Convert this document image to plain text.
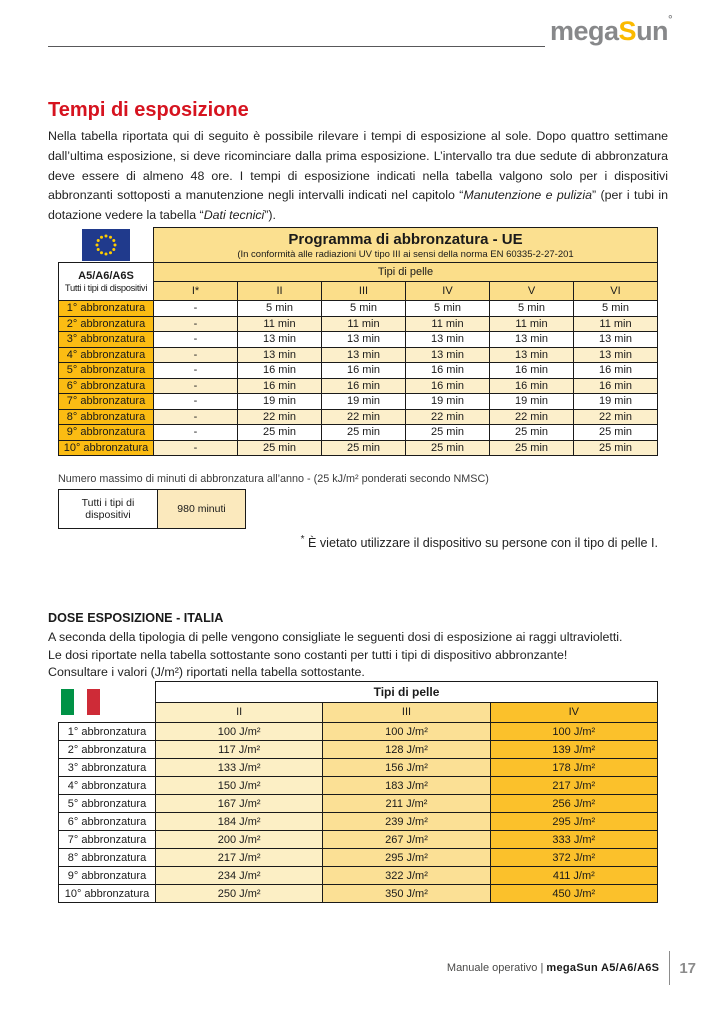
megaSun°
Tempi di esposizione
Nella tabella riportata qui di seguito è possibile rilevare i tempi di esposizione al sole. Dopo quattro settimane dall’ultima esposizione, si deve ricominciare dalla prima esposizione. L’intervallo tra due sedute di abbronzatura deve essere di almeno 48 ore. I tempi di esposizione indicati nella tabella valgono solo per i dispositivi abbronzanti sottoposti a manutenzione negli intervalli indicati nel capitolo “Manutenzione e pulizia” (per i tubi in dotazione vedere la tabella “Dati tecnici”).

Programma di abbronzatura - UE
(In conformità alle radiazioni UV tipo III ai sensi della norma EN 60335-2-27-201					

A5/A6/A6S
Tutti i tipi di dispositivi	Tipi di pelle					
	I*	II	III	IV	V	VI
1° abbronzatura	-	5 min	5 min	5 min	5 min	5 min
2° abbronzatura	-	11 min	11 min	11 min	11 min	11 min
3° abbronzatura	-	13 min	13 min	13 min	13 min	13 min
4° abbronzatura	-	13 min	13 min	13 min	13 min	13 min
5° abbronzatura	-	16 min	16 min	16 min	16 min	16 min
6° abbronzatura	-	16 min	16 min	16 min	16 min	16 min
7° abbronzatura	-	19 min	19 min	19 min	19 min	19 min
8° abbronzatura	-	22 min	22 min	22 min	22 min	22 min
9° abbronzatura	-	25 min	25 min	25 min	25 min	25 min
10° abbronzatura	-	25 min	25 min	25 min	25 min	25 min
Numero massimo di minuti di abbronzatura all’anno - (25 kJ/m² ponderati secondo NMSC)
Tutti i tipi di dispositivi	980 minuti
* È vietato utilizzare il dispositivo su persone con il tipo di pelle I.
DOSE ESPOSIZIONE - ITALIA
A seconda della tipologia di pelle vengono consigliate le seguenti dosi di esposizione ai raggi ultravioletti.
Le dosi riportate nella tabella sottostante sono costanti per tutti i tipi di dispositivo abbronzante!
Consultare i valori (J/m²) riportati nella tabella sottostante.
	Tipi di pelle		
	II	III	IV
1° abbronzatura	100 J/m²	100 J/m²	100 J/m²
2° abbronzatura	117 J/m²	128 J/m²	139 J/m²
3° abbronzatura	133 J/m²	156 J/m²	178 J/m²
4° abbronzatura	150 J/m²	183 J/m²	217 J/m²
5° abbronzatura	167 J/m²	211 J/m²	256 J/m²
6° abbronzatura	184 J/m²	239 J/m²	295 J/m²
7° abbronzatura	200 J/m²	267 J/m²	333 J/m²
8° abbronzatura	217 J/m²	295 J/m²	372 J/m²
9° abbronzatura	234 J/m²	322 J/m²	411 J/m²
10° abbronzatura	250 J/m²	350 J/m²	450 J/m²
Manuale operativo | megaSun A5/A6/A6S 17
